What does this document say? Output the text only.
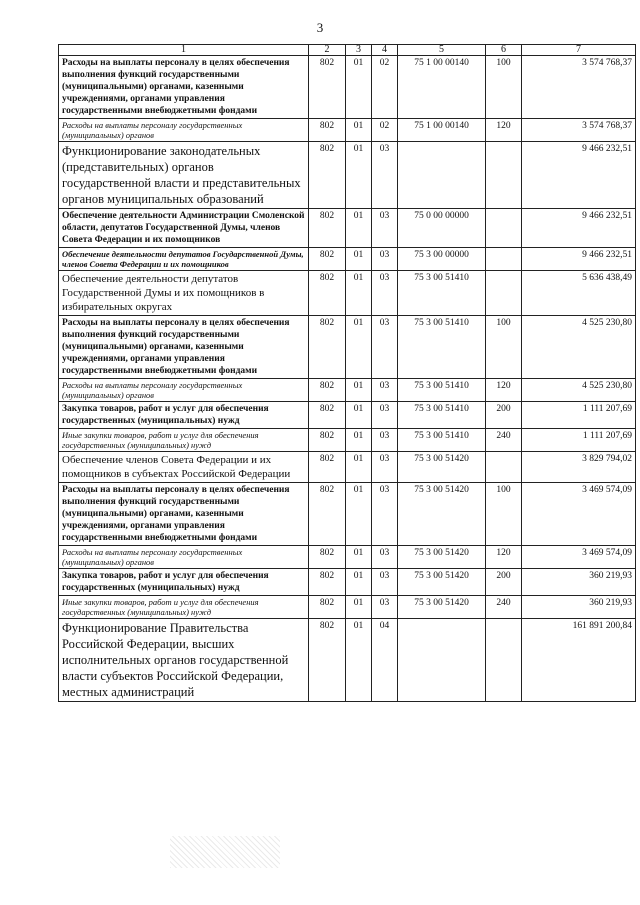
3
1	2	3	4	5	6	7
Расходы на выплаты персоналу в целях обеспечения выполнения функций государственными (муниципальными) органами, казенными учреждениями, органами управления государственными внебюджетными фондами	802	01	02	75 1 00 00140	100	3 574 768,37
Расходы на выплаты персоналу государственных (муниципальных) органов	802	01	02	75 1 00 00140	120	3 574 768,37
Функционирование законодательных (представительных) органов государственной власти и представительных органов муниципальных образований	802	01	03			9 466 232,51
Обеспечение деятельности Администрации Смоленской области, депутатов Государственной Думы, членов Совета Федерации и их помощников	802	01	03	75 0 00 00000		9 466 232,51
Обеспечение деятельности депутатов Государственной Думы, членов Совета Федерации и их помощников	802	01	03	75 3 00 00000		9 466 232,51
Обеспечение деятельности депутатов Государственной Думы и их помощников в избирательных округах	802	01	03	75 3 00 51410		5 636 438,49
Расходы на выплаты персоналу в целях обеспечения выполнения функций государственными (муниципальными) органами, казенными учреждениями, органами управления государственными внебюджетными фондами	802	01	03	75 3 00 51410	100	4 525 230,80
Расходы на выплаты персоналу государственных (муниципальных) органов	802	01	03	75 3 00 51410	120	4 525 230,80
Закупка товаров, работ и услуг для обеспечения государственных (муниципальных) нужд	802	01	03	75 3 00 51410	200	1 111 207,69
Иные закупки товаров, работ и услуг для обеспечения государственных (муниципальных) нужд	802	01	03	75 3 00 51410	240	1 111 207,69
Обеспечение членов Совета Федерации и их помощников в субъектах Российской Федерации	802	01	03	75 3 00 51420		3 829 794,02
Расходы на выплаты персоналу в целях обеспечения выполнения функций государственными (муниципальными) органами, казенными учреждениями, органами управления государственными внебюджетными фондами	802	01	03	75 3 00 51420	100	3 469 574,09
Расходы на выплаты персоналу государственных (муниципальных) органов	802	01	03	75 3 00 51420	120	3 469 574,09
Закупка товаров, работ и услуг для обеспечения государственных (муниципальных) нужд	802	01	03	75 3 00 51420	200	360 219,93
Иные закупки товаров, работ и услуг для обеспечения государственных (муниципальных) нужд	802	01	03	75 3 00 51420	240	360 219,93
Функционирование Правительства Российской Федерации, высших исполнительных органов государственной власти субъектов Российской Федерации, местных администраций	802	01	04			161 891 200,84
